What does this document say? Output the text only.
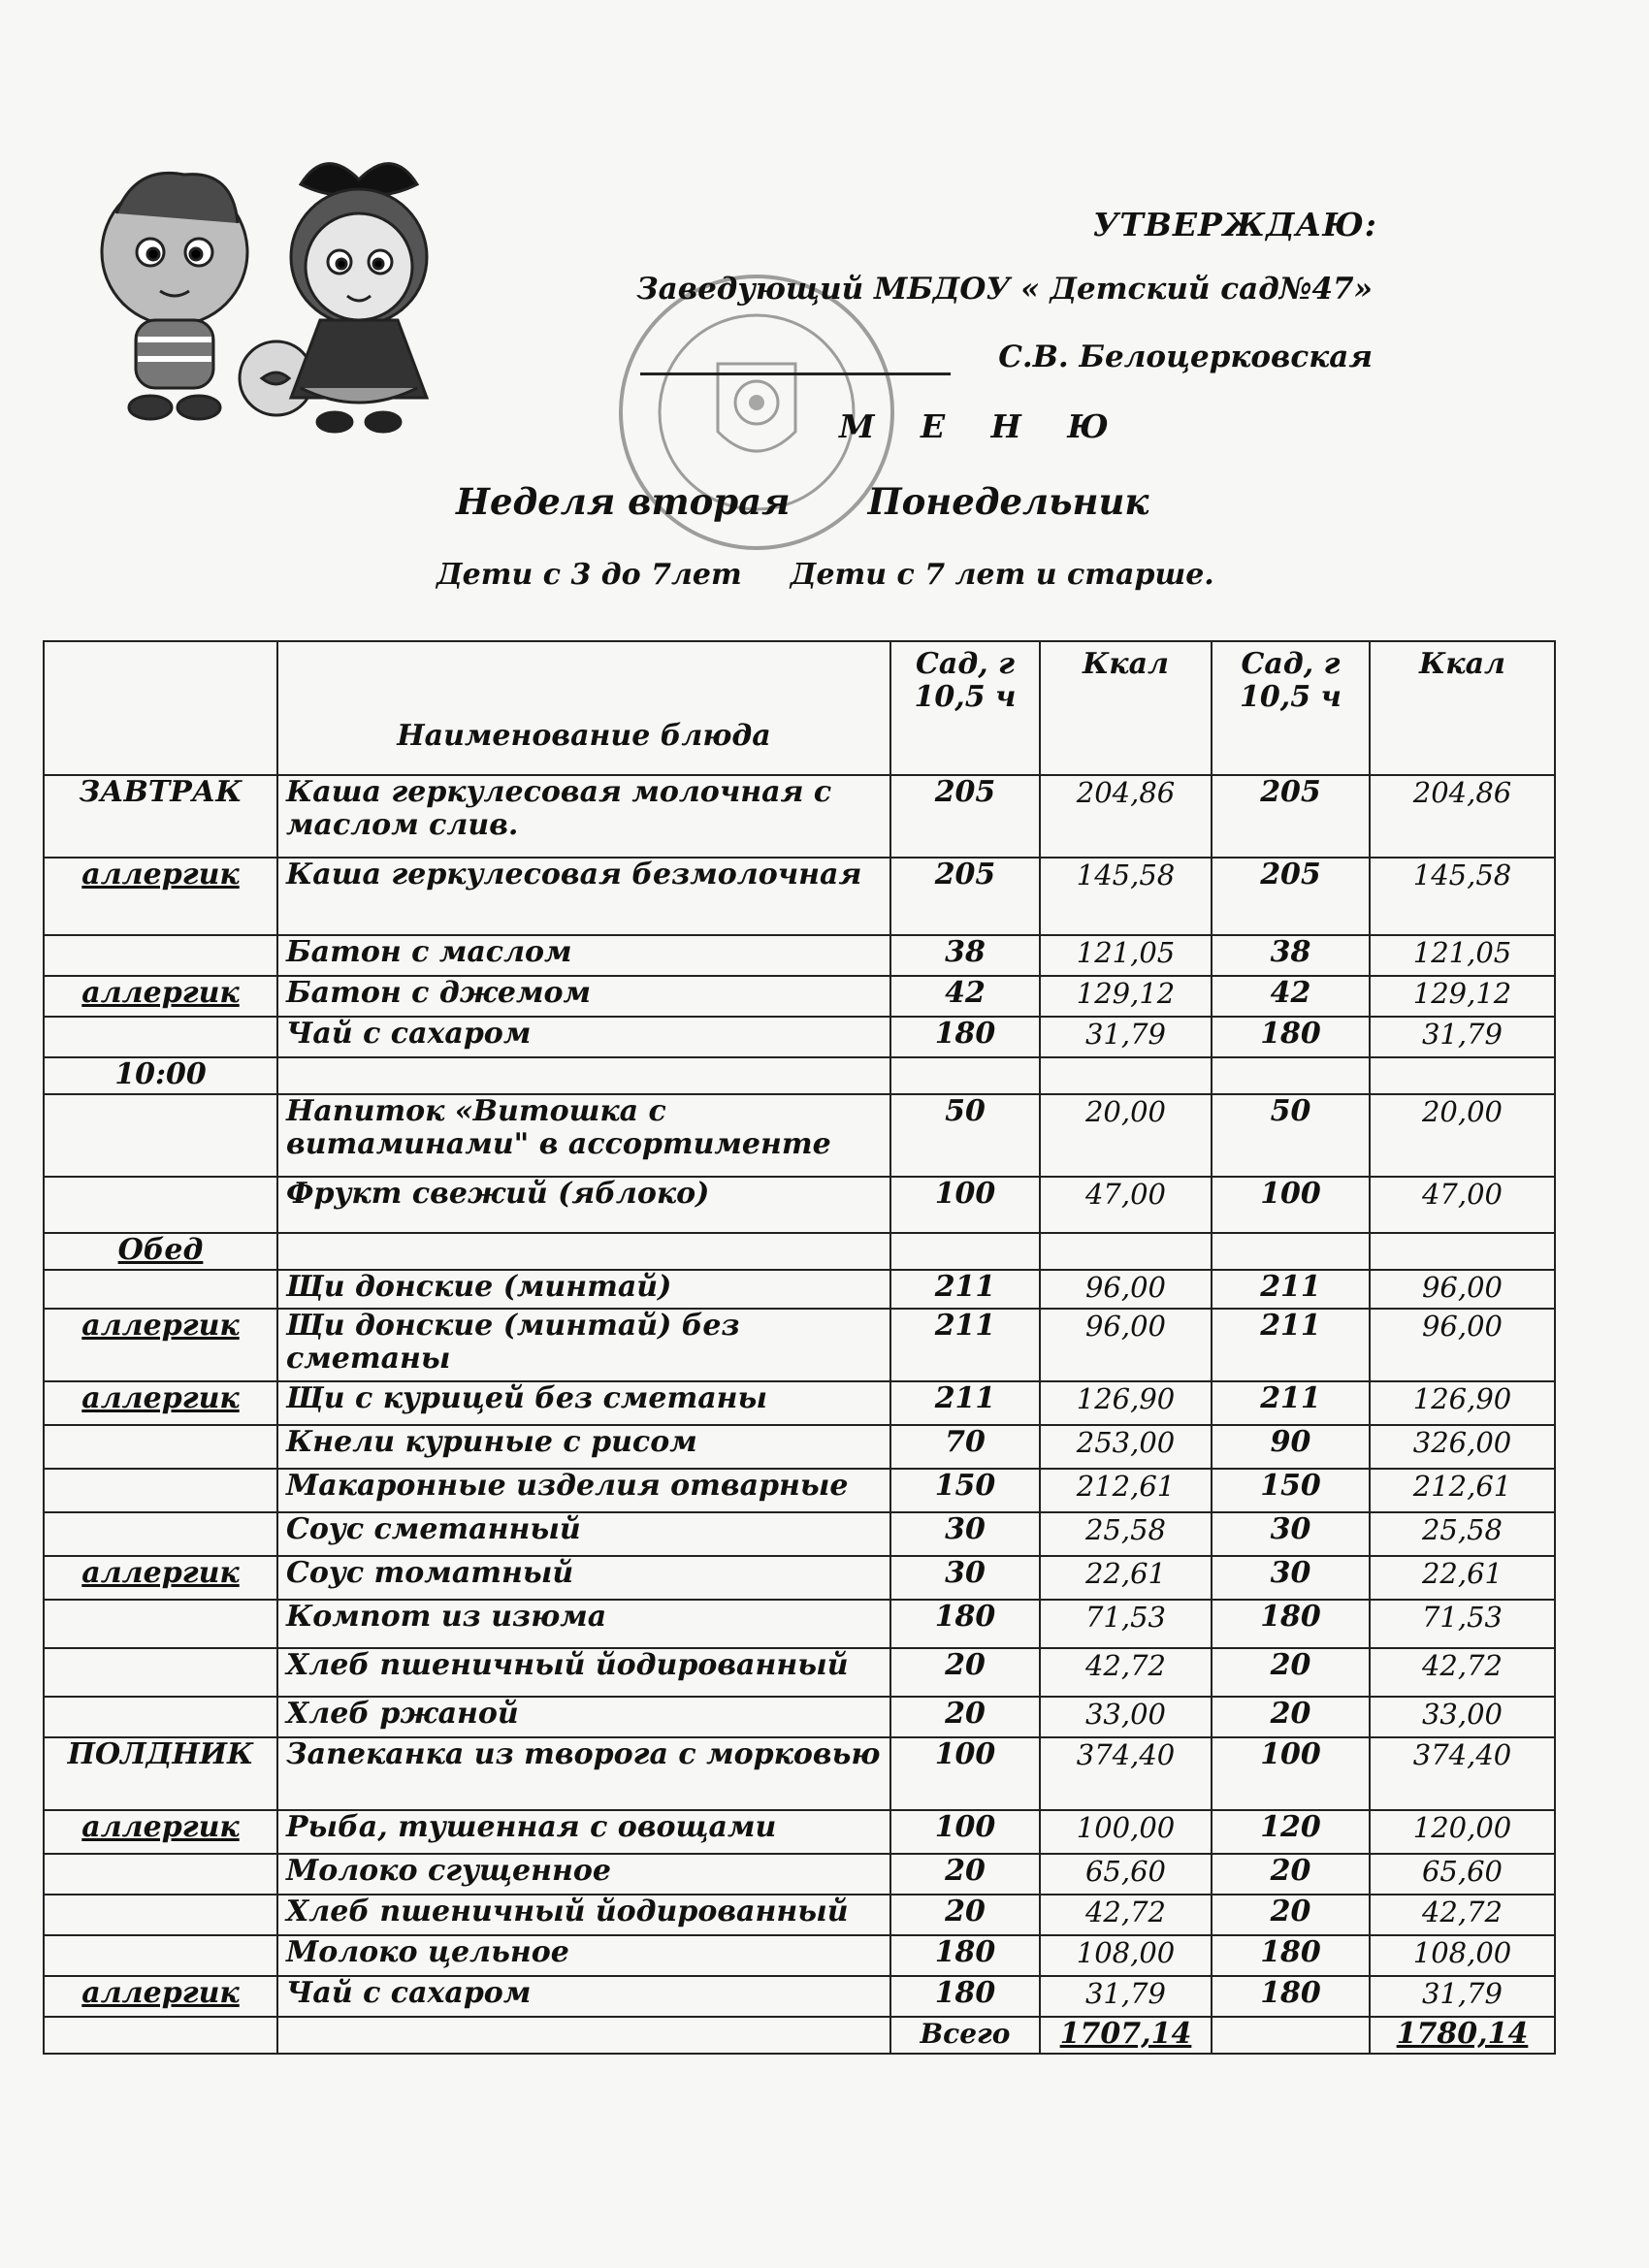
УТВЕРЖДАЮ:
Заведующий МБДОУ « Детский сад№47»
С.В. Белоцерковская
М Е Н Ю
Неделя вторая Понедельник
Дети с 3 до 7лет Дети с 7 лет и старше.
	Наименование блюда	Сад, г 10,5 ч	Ккал	Сад, г 10,5 ч	Ккал
ЗАВТРАК	Каша геркулесовая молочная с маслом слив.	205	204,86	205	204,86
аллергик	Каша геркулесовая безмолочная	205	145,58	205	145,58
	Батон с маслом	38	121,05	38	121,05
аллергик	Батон с джемом	42	129,12	42	129,12
	Чай с сахаром	180	31,79	180	31,79
10:00					
	Напиток «Витошка с витаминами" в ассортименте	50	20,00	50	20,00
	Фрукт свежий (яблоко)	100	47,00	100	47,00
Обед					
	Щи донские (минтай)	211	96,00	211	96,00
аллергик	Щи донские (минтай) без сметаны	211	96,00	211	96,00
аллергик	Щи с курицей без сметаны	211	126,90	211	126,90
	Кнели куриные с рисом	70	253,00	90	326,00
	Макаронные изделия отварные	150	212,61	150	212,61
	Соус сметанный	30	25,58	30	25,58
аллергик	Соус томатный	30	22,61	30	22,61
	Компот из изюма	180	71,53	180	71,53
	Хлеб пшеничный йодированный	20	42,72	20	42,72
	Хлеб ржаной	20	33,00	20	33,00
ПОЛДНИК	Запеканка из творога с морковью	100	374,40	100	374,40
аллергик	Рыба, тушенная с овощами	100	100,00	120	120,00
	Молоко сгущенное	20	65,60	20	65,60
	Хлеб пшеничный йодированный	20	42,72	20	42,72
	Молоко цельное	180	108,00	180	108,00
аллергик	Чай с сахаром	180	31,79	180	31,79
		Всего	1707,14		1780,14
